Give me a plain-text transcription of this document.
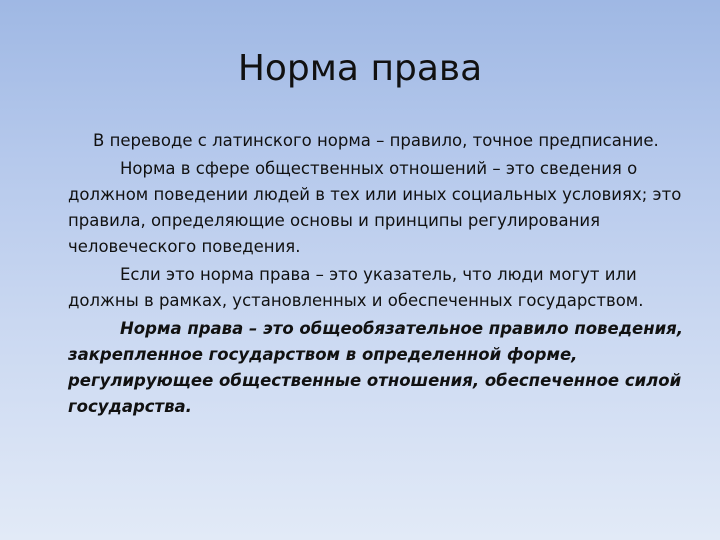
Норма права

В переводе с латинского норма – правило, точное предписание.

Норма в сфере общественных отношений – это сведения о должном поведении людей в тех или иных социальных условиях; это правила, определяющие основы и принципы регулирования человеческого поведения.

Если это норма права – это указатель, что люди могут или должны в рамках, установленных и обеспеченных государством.

Норма права – это общеобязательное правило поведения, закрепленное государством в определенной форме, регулирующее общественные отношения, обеспеченное силой государства.
